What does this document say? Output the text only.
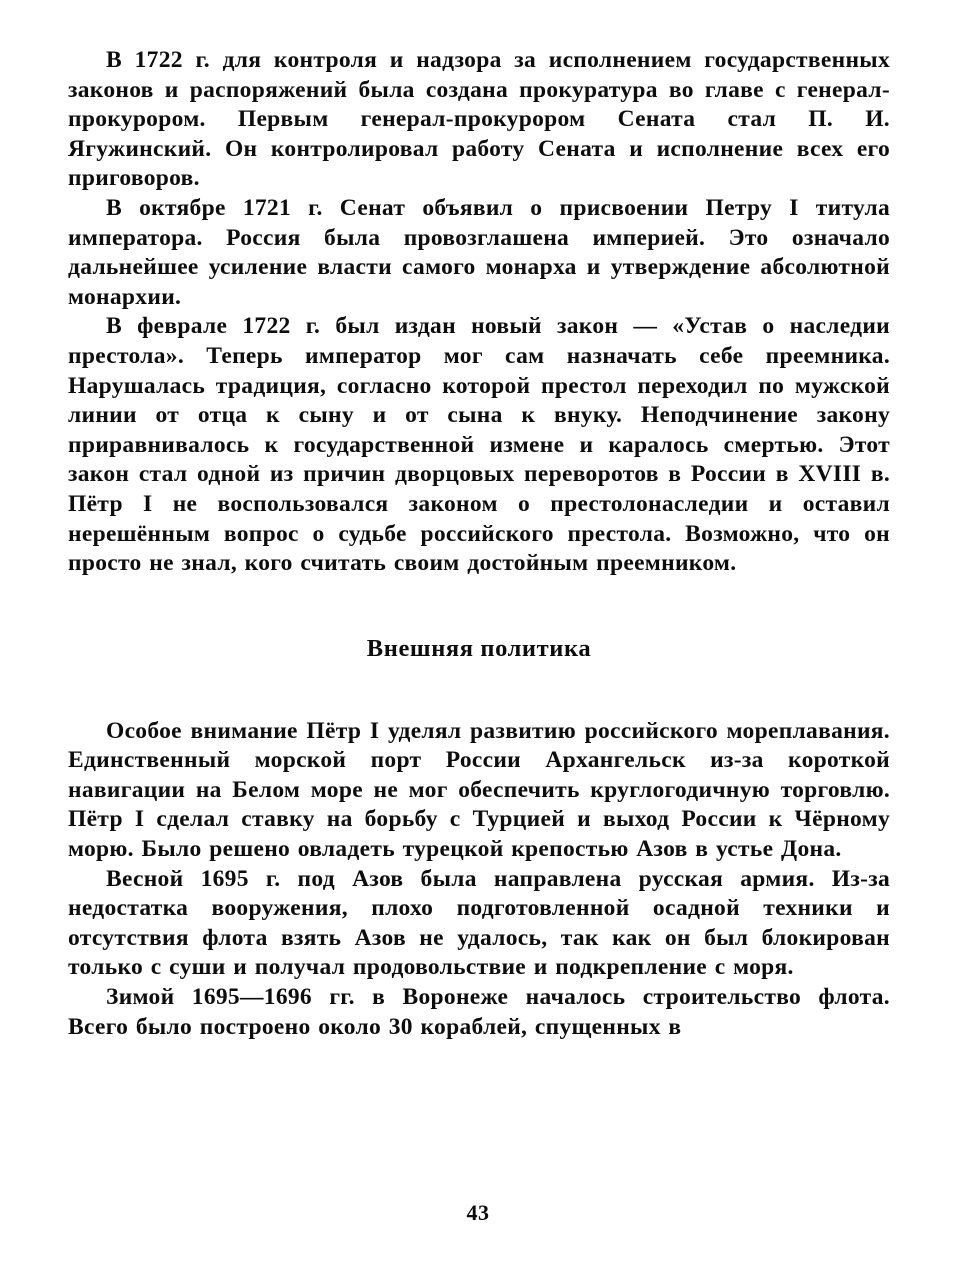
В 1722 г. для контроля и надзора за исполнением государственных законов и распоряжений была создана прокуратура во главе с генерал-прокурором. Первым генерал-прокурором Сената стал П. И. Ягужинский. Он контролировал работу Сената и исполнение всех его приговоров.

В октябре 1721 г. Сенат объявил о присвоении Петру I титула императора. Россия была провозглашена империей. Это означало дальнейшее усиление власти самого монарха и утверждение абсолютной монархии.

В феврале 1722 г. был издан новый закон — «Устав о наследии престола». Теперь император мог сам назначать себе преемника. Нарушалась традиция, согласно которой престол переходил по мужской линии от отца к сыну и от сына к внуку. Неподчинение закону приравнивалось к государственной измене и каралось смертью. Этот закон стал одной из причин дворцовых переворотов в России в XVIII в. Пётр I не воспользовался законом о престолонаследии и оставил нерешённым вопрос о судьбе российского престола. Возможно, что он просто не знал, кого считать своим достойным преемником.

Внешняя политика

Особое внимание Пётр I уделял развитию российского мореплавания. Единственный морской порт России Архангельск из-за короткой навигации на Белом море не мог обеспечить круглогодичную торговлю. Пётр I сделал ставку на борьбу с Турцией и выход России к Чёрному морю. Было решено овладеть турецкой крепостью Азов в устье Дона.

Весной 1695 г. под Азов была направлена русская армия. Из-за недостатка вооружения, плохо подготовленной осадной техники и отсутствия флота взять Азов не удалось, так как он был блокирован только с суши и получал продовольствие и подкрепление с моря.

Зимой 1695—1696 гг. в Воронеже началось строительство флота. Всего было построено около 30 кораблей, спущенных в

43
